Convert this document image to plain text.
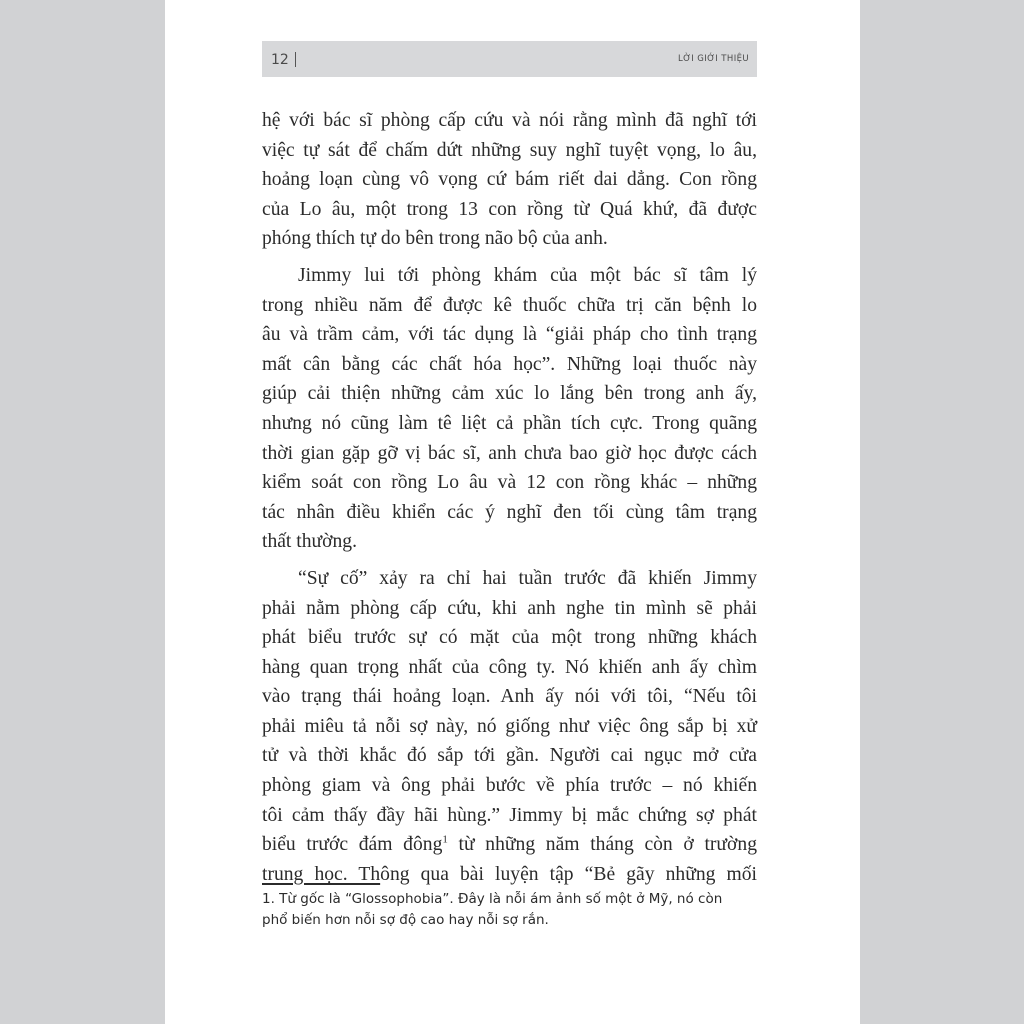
12	LỜI GIỚI THIỆU

hệ với bác sĩ phòng cấp cứu và nói rằng mình đã nghĩ tới
việc tự sát để chấm dứt những suy nghĩ tuyệt vọng, lo âu,
hoảng loạn cùng vô vọng cứ bám riết dai dẳng. Con rồng
của Lo âu, một trong 13 con rồng từ Quá khứ, đã được
phóng thích tự do bên trong não bộ của anh.

Jimmy lui tới phòng khám của một bác sĩ tâm lý
trong nhiều năm để được kê thuốc chữa trị căn bệnh lo
âu và trầm cảm, với tác dụng là “giải pháp cho tình trạng
mất cân bằng các chất hóa học”. Những loại thuốc này
giúp cải thiện những cảm xúc lo lắng bên trong anh ấy,
nhưng nó cũng làm tê liệt cả phần tích cực. Trong quãng
thời gian gặp gỡ vị bác sĩ, anh chưa bao giờ học được cách
kiểm soát con rồng Lo âu và 12 con rồng khác – những
tác nhân điều khiển các ý nghĩ đen tối cùng tâm trạng
thất thường.

“Sự cố” xảy ra chỉ hai tuần trước đã khiến Jimmy
phải nằm phòng cấp cứu, khi anh nghe tin mình sẽ phải
phát biểu trước sự có mặt của một trong những khách
hàng quan trọng nhất của công ty. Nó khiến anh ấy chìm
vào trạng thái hoảng loạn. Anh ấy nói với tôi, “Nếu tôi
phải miêu tả nỗi sợ này, nó giống như việc ông sắp bị xử
tử và thời khắc đó sắp tới gần. Người cai ngục mở cửa
phòng giam và ông phải bước về phía trước – nó khiến
tôi cảm thấy đầy hãi hùng.” Jimmy bị mắc chứng sợ phát
biểu trước đám đông$^1$ từ những năm tháng còn ở trường
trung học. Thông qua bài luyện tập “Bẻ gãy những mối

1. Từ gốc là “Glossophobia”. Đây là nỗi ám ảnh số một ở Mỹ, nó còn
phổ biến hơn nỗi sợ độ cao hay nỗi sợ rắn.
